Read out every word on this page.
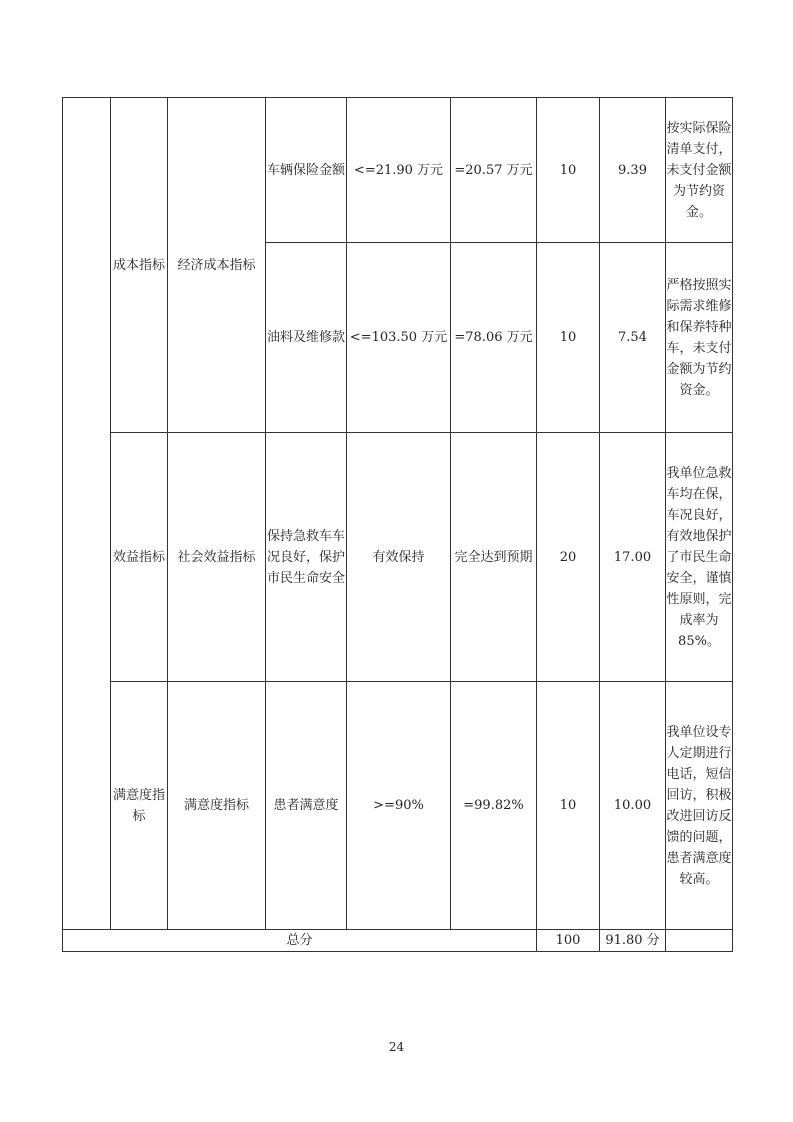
	成本指标	经济成本指标	车辆保险金额	<=21.90 万元	=20.57 万元	10	9.39	按实际保险清单支付，未支付金额为节约资金。
			油料及维修款	<=103.50 万元	=78.06 万元	10	7.54	严格按照实际需求维修和保养特种车，未支付金额为节约资金。
	效益指标	社会效益指标	保持急救车车况良好，保护市民生命安全	有效保持	完全达到预期	20	17.00	我单位急救车均在保，车况良好，有效地保护了市民生命安全，谨慎性原则，完成率为 85%。
	满意度指标	满意度指标	患者满意度	>=90%	=99.82%	10	10.00	我单位设专人定期进行电话，短信回访，积极改进回访反馈的问题，患者满意度较高。
总分						100	91.80 分	
24
